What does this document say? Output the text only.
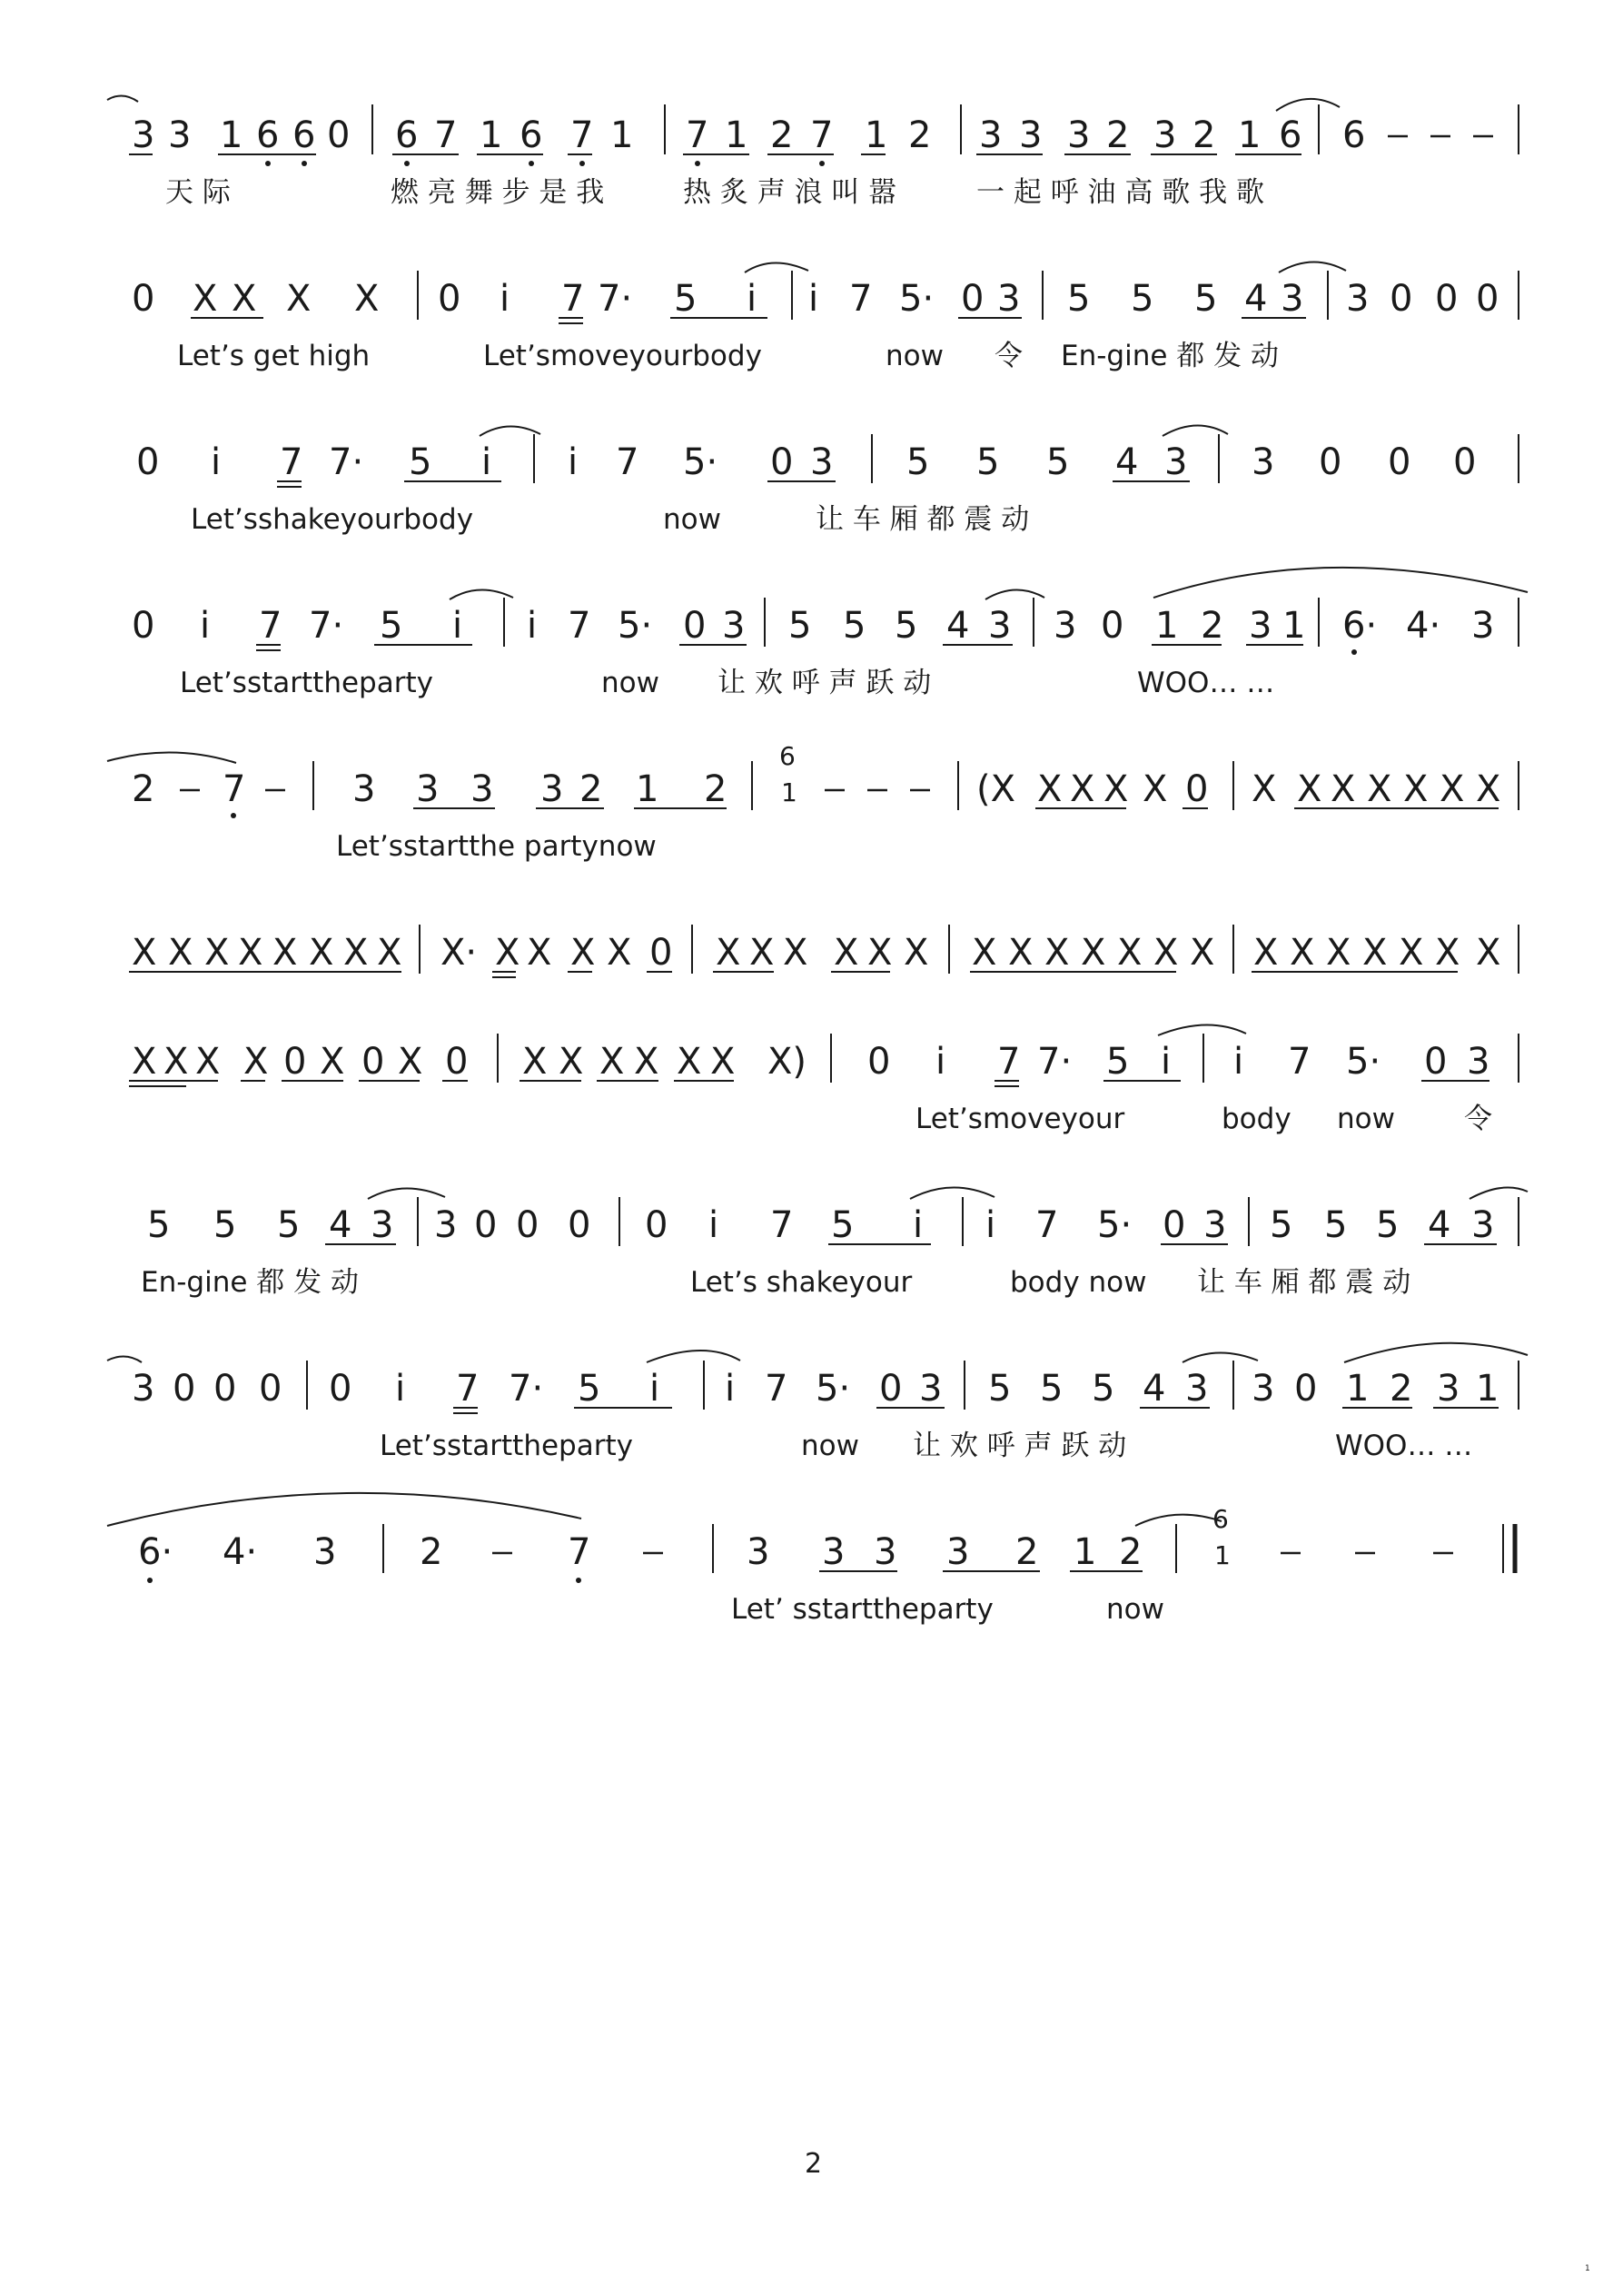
3 3 1 6 6 0 6 7 1 6 7 1 7 1 2 7 1 2 3 3 3 2 3 2 1 6 6
天 际	燃 亮 舞 步 是 我	热 炙 声 浪 叫 嚣	一 起 呼 油 高 歌 我 歌
0 X X X X 0 i 7 7· 5 i i 7 5· 0 3 5 5 5 4 3 3 0 0 0
Let’s get high	Let’smoveyourbody	now 令 En-gine 都 发 动
0 i 7 7· 5 i i 7 5· 0 3 5 5 5 4 3 3 0 0 0
Let’sshakeyourbody	now	让 车 厢 都 震 动
0 i 7 7· 5 i i 7 5· 0 3 5 5 5 4 3 3 0 1 2 3 1 6· 4· 3
Let’sstarttheparty	now 让 欢 呼 声 跃 动	WOO… …
2 7	3 3 3 3 2 1 2
6
1	(X X X X X 0 X X X X X X X
Let’sstartthe partynow
X X X X X X X X X· X X X X 0 X X X X X X X X X X X X X X X X X X X X
X X X X 0 X 0 X 0 X X X X X X X) 0 i 7 7· 5 i i 7 5· 0 3
Let’smoveyour	body now 令
5 5 5 4 3 3 0 0 0 0 i 7 5 i i 7 5· 0 3 5 5 5 4 3
En-gine 都 发 动	Let’s shakeyour	body now 让 车 厢 都 震 动
3 0 0 0 0 i 7 7· 5 i i 7 5· 0 3 5 5 5 4 3 3 0 1 2 3 1
Let’sstarttheparty	now 让 欢 呼 声 跃 动	WOO… …
6· 4· 3 2	7	3 3 3 3 2 1 2
6
1
Let’ sstarttheparty	now
2
1
